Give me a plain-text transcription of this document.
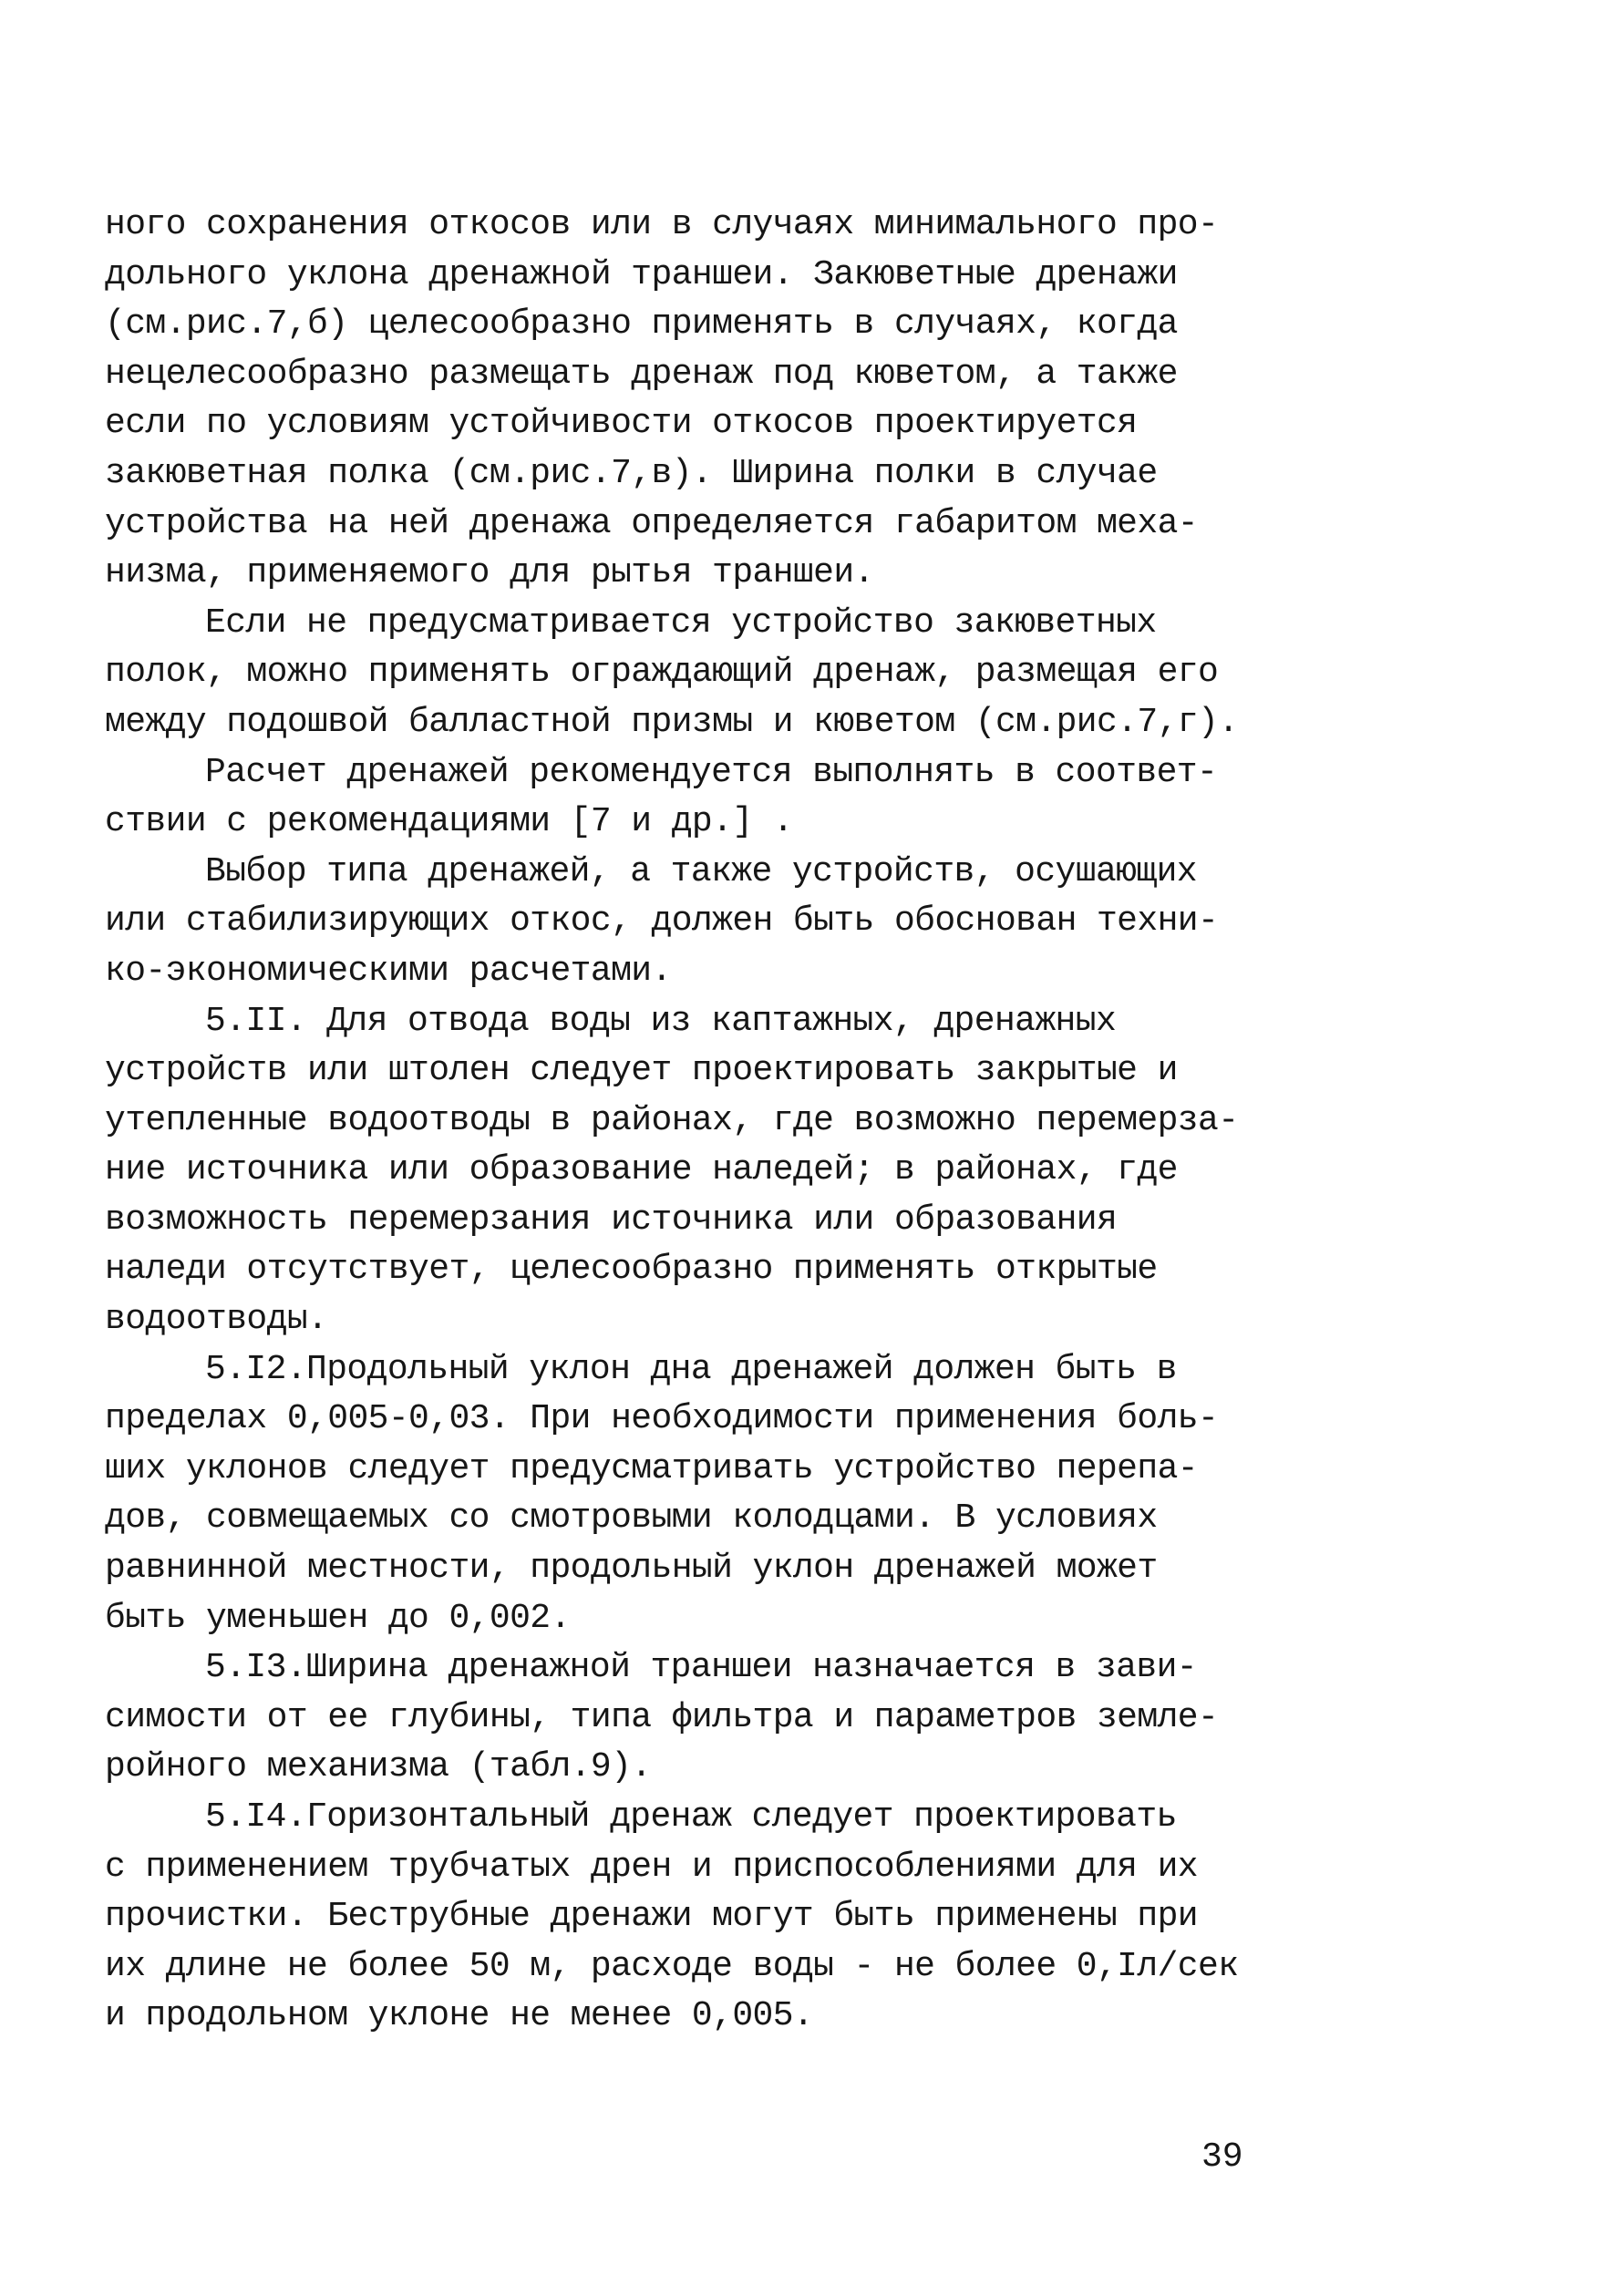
ного сохранения откосов или в случаях минимального про-
дольного уклона дренажной траншеи. Закюветные дренажи
(см.рис.7,б) целесообразно применять в случаях, когда
нецелесообразно размещать дренаж под кюветом, а также
если по условиям устойчивости откосов проектируется
закюветная полка (см.рис.7,в). Ширина полки в случае
устройства на ней дренажа определяется габаритом меха-
низма, применяемого для рытья траншеи.
Если не предусматривается устройство закюветных
полок, можно применять ограждающий дренаж, размещая его
между подошвой балластной призмы и кюветом (см.рис.7,г).
Расчет дренажей рекомендуется выполнять в соответ-
ствии с рекомендациями [7 и др.] .
Выбор типа дренажей, а также устройств, осушающих
или стабилизирующих откос, должен быть обоснован техни-
ко-экономическими расчетами.
5.II. Для отвода воды из каптажных, дренажных
устройств или штолен следует проектировать закрытые и
утепленные водоотводы в районах, где возможно перемерза-
ние источника или образование наледей; в районах, где
возможность перемерзания источника или образования
наледи отсутствует, целесообразно применять открытые
водоотводы.
5.I2.Продольный уклон дна дренажей должен быть в
пределах 0,005-0,03. При необходимости применения боль-
ших уклонов следует предусматривать устройство перепа-
дов, совмещаемых со смотровыми колодцами. В условиях
равнинной местности, продольный уклон дренажей может
быть уменьшен до 0,002.
5.I3.Ширина дренажной траншеи назначается в зави-
симости от ее глубины, типа фильтра и параметров земле-
ройного механизма (табл.9).
5.I4.Горизонтальный дренаж следует проектировать
с применением трубчатых дрен и приспособлениями для их
прочистки. Беструбные дренажи могут быть применены при
их длине не более 50 м, расходе воды - не более 0,Iл/сек
и продольном уклоне не менее 0,005.
39
